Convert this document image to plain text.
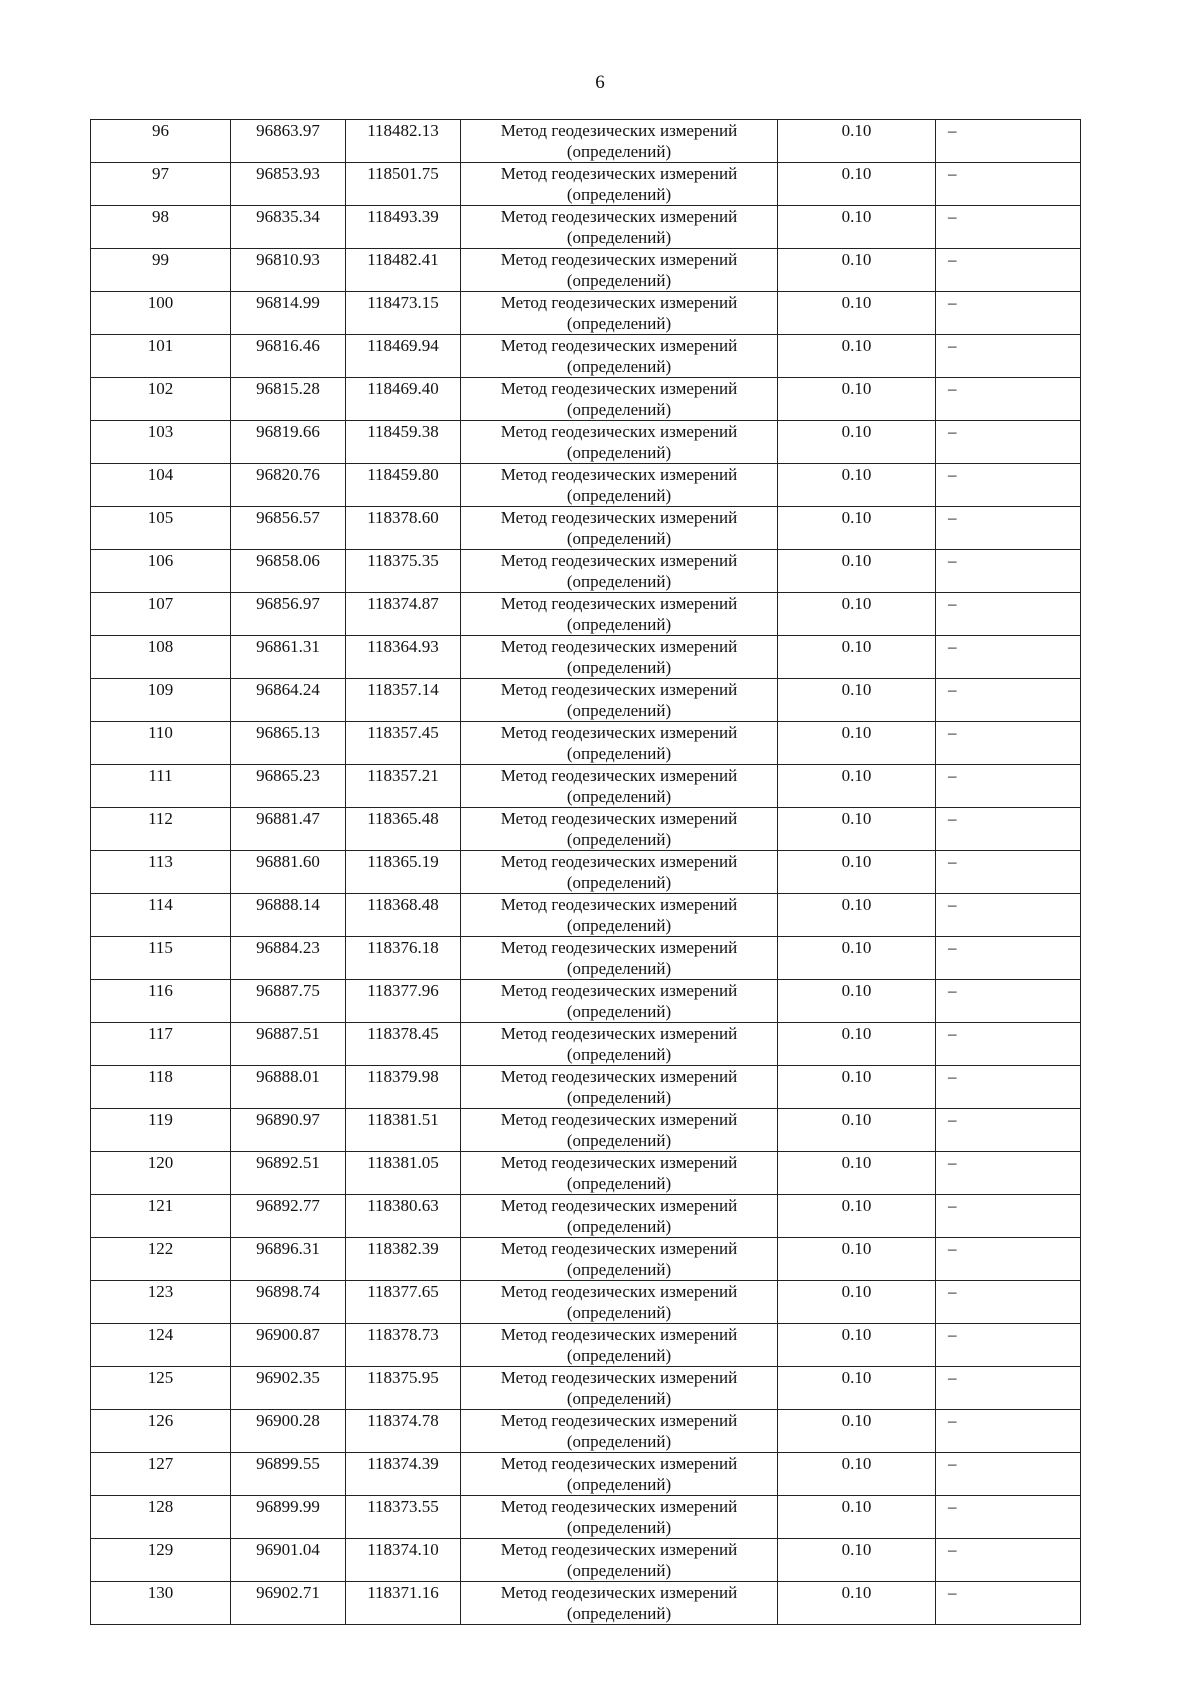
6
96	96863.97	118482.13	Метод геодезических измерений
(определений)	0.10	–
97	96853.93	118501.75	Метод геодезических измерений
(определений)	0.10	–
98	96835.34	118493.39	Метод геодезических измерений
(определений)	0.10	–
99	96810.93	118482.41	Метод геодезических измерений
(определений)	0.10	–
100	96814.99	118473.15	Метод геодезических измерений
(определений)	0.10	–
101	96816.46	118469.94	Метод геодезических измерений
(определений)	0.10	–
102	96815.28	118469.40	Метод геодезических измерений
(определений)	0.10	–
103	96819.66	118459.38	Метод геодезических измерений
(определений)	0.10	–
104	96820.76	118459.80	Метод геодезических измерений
(определений)	0.10	–
105	96856.57	118378.60	Метод геодезических измерений
(определений)	0.10	–
106	96858.06	118375.35	Метод геодезических измерений
(определений)	0.10	–
107	96856.97	118374.87	Метод геодезических измерений
(определений)	0.10	–
108	96861.31	118364.93	Метод геодезических измерений
(определений)	0.10	–
109	96864.24	118357.14	Метод геодезических измерений
(определений)	0.10	–
110	96865.13	118357.45	Метод геодезических измерений
(определений)	0.10	–
111	96865.23	118357.21	Метод геодезических измерений
(определений)	0.10	–
112	96881.47	118365.48	Метод геодезических измерений
(определений)	0.10	–
113	96881.60	118365.19	Метод геодезических измерений
(определений)	0.10	–
114	96888.14	118368.48	Метод геодезических измерений
(определений)	0.10	–
115	96884.23	118376.18	Метод геодезических измерений
(определений)	0.10	–
116	96887.75	118377.96	Метод геодезических измерений
(определений)	0.10	–
117	96887.51	118378.45	Метод геодезических измерений
(определений)	0.10	–
118	96888.01	118379.98	Метод геодезических измерений
(определений)	0.10	–
119	96890.97	118381.51	Метод геодезических измерений
(определений)	0.10	–
120	96892.51	118381.05	Метод геодезических измерений
(определений)	0.10	–
121	96892.77	118380.63	Метод геодезических измерений
(определений)	0.10	–
122	96896.31	118382.39	Метод геодезических измерений
(определений)	0.10	–
123	96898.74	118377.65	Метод геодезических измерений
(определений)	0.10	–
124	96900.87	118378.73	Метод геодезических измерений
(определений)	0.10	–
125	96902.35	118375.95	Метод геодезических измерений
(определений)	0.10	–
126	96900.28	118374.78	Метод геодезических измерений
(определений)	0.10	–
127	96899.55	118374.39	Метод геодезических измерений
(определений)	0.10	–
128	96899.99	118373.55	Метод геодезических измерений
(определений)	0.10	–
129	96901.04	118374.10	Метод геодезических измерений
(определений)	0.10	–
130	96902.71	118371.16	Метод геодезических измерений
(определений)	0.10	–
